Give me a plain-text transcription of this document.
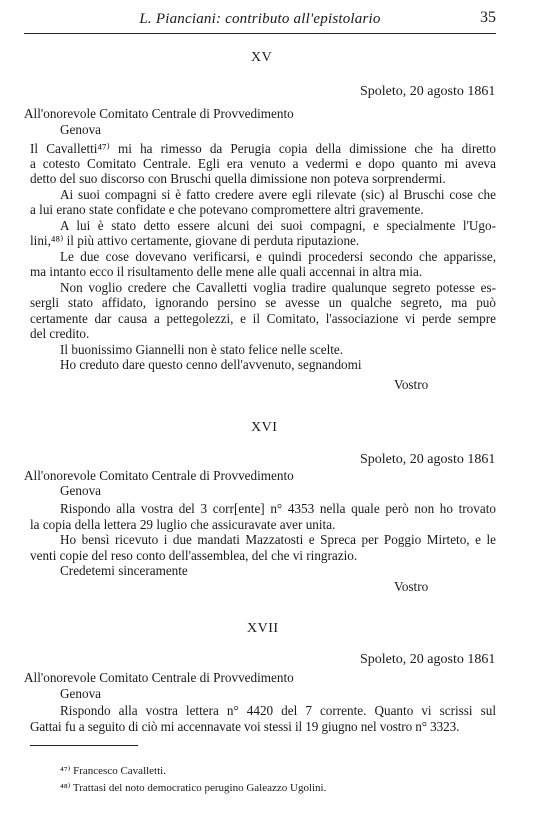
L. Pianciani: contributo all'epistolario	35
XV
Spoleto, 20 agosto 1861
All'onorevole Comitato Centrale di Provvedimento
Genova
Il Cavalletti⁴⁷⁾ mi ha rimesso da Perugia copia della dimissione che ha diretto
a cotesto Comitato Centrale. Egli era venuto a vedermi e dopo quanto mi aveva
detto del suo discorso con Bruschi quella dimissione non poteva sorprendermi.
Ai suoi compagni si è fatto credere avere egli rilevate (sic) al Bruschi cose che
a lui erano state confidate e che potevano compromettere altri gravemente.
A lui è stato detto essere alcuni dei suoi compagni, e specialmente l'Ugo-
lini,⁴⁸⁾ il più attivo certamente, giovane di perduta riputazione.
Le due cose dovevano verificarsi, e quindi procedersi secondo che apparisse,
ma intanto ecco il risultamento delle mene alle quali accennai in altra mia.
Non voglio credere che Cavalletti voglia tradire qualunque segreto potesse es-
sergli stato affidato, ignorando persino se avesse un qualche segreto, ma può
certamente dar causa a pettegolezzi, e il Comitato, l'associazione vi perde sempre
del credito.
Il buonissimo Giannelli non è stato felice nelle scelte.
Ho creduto dare questo cenno dell'avvenuto, segnandomi
Vostro
XVI
Spoleto, 20 agosto 1861
All'onorevole Comitato Centrale di Provvedimento
Genova
Rispondo alla vostra del 3 corr[ente] n° 4353 nella quale però non ho trovato
la copia della lettera 29 luglio che assicuravate aver unita.
Ho bensì ricevuto i due mandati Mazzatosti e Spreca per Poggio Mirteto, e le
venti copie del reso conto dell'assemblea, del che vi ringrazio.
Credetemi sinceramente
Vostro
XVII
Spoleto, 20 agosto 1861
All'onorevole Comitato Centrale di Provvedimento
Genova
Rispondo alla vostra lettera n° 4420 del 7 corrente. Quanto vi scrissi sul
Gattai fu a seguito di ciò mi accennavate voi stessi il 19 giugno nel vostro n° 3323.
⁴⁷⁾ Francesco Cavalletti.
⁴⁸⁾ Trattasi del noto democratico perugino Galeazzo Ugolini.
